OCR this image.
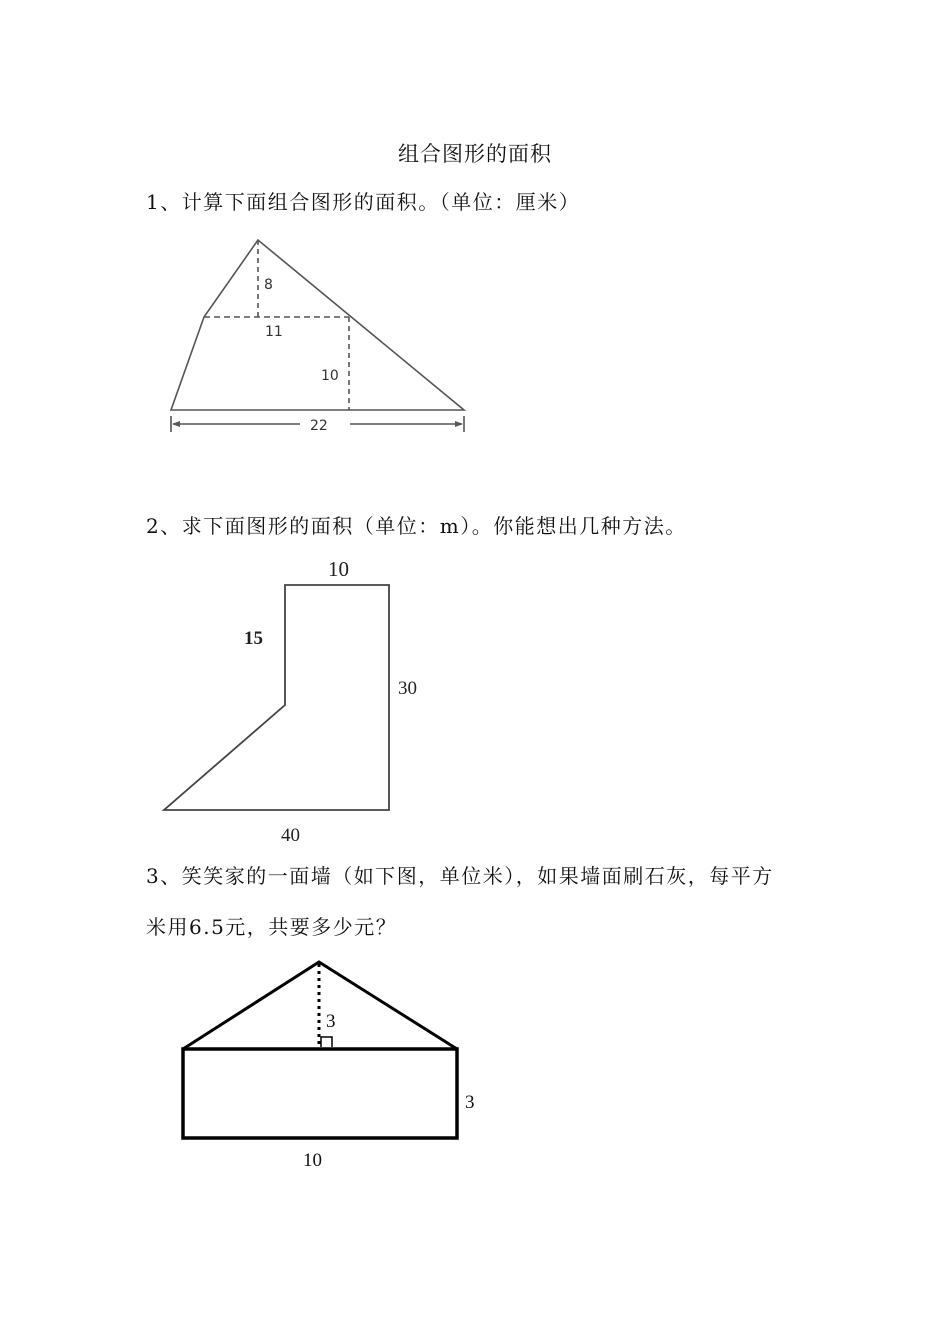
组合图形的面积
1、计算下面组合图形的面积。（单位：厘米）
8
11
10
22
2、求下面图形的面积（单位：m）。你能想出几种方法。
10
15
30
40
3、笑笑家的一面墙（如下图，单位米），如果墙面刷石灰，每平方
米用6.5元，共要多少元？
3
3
10
